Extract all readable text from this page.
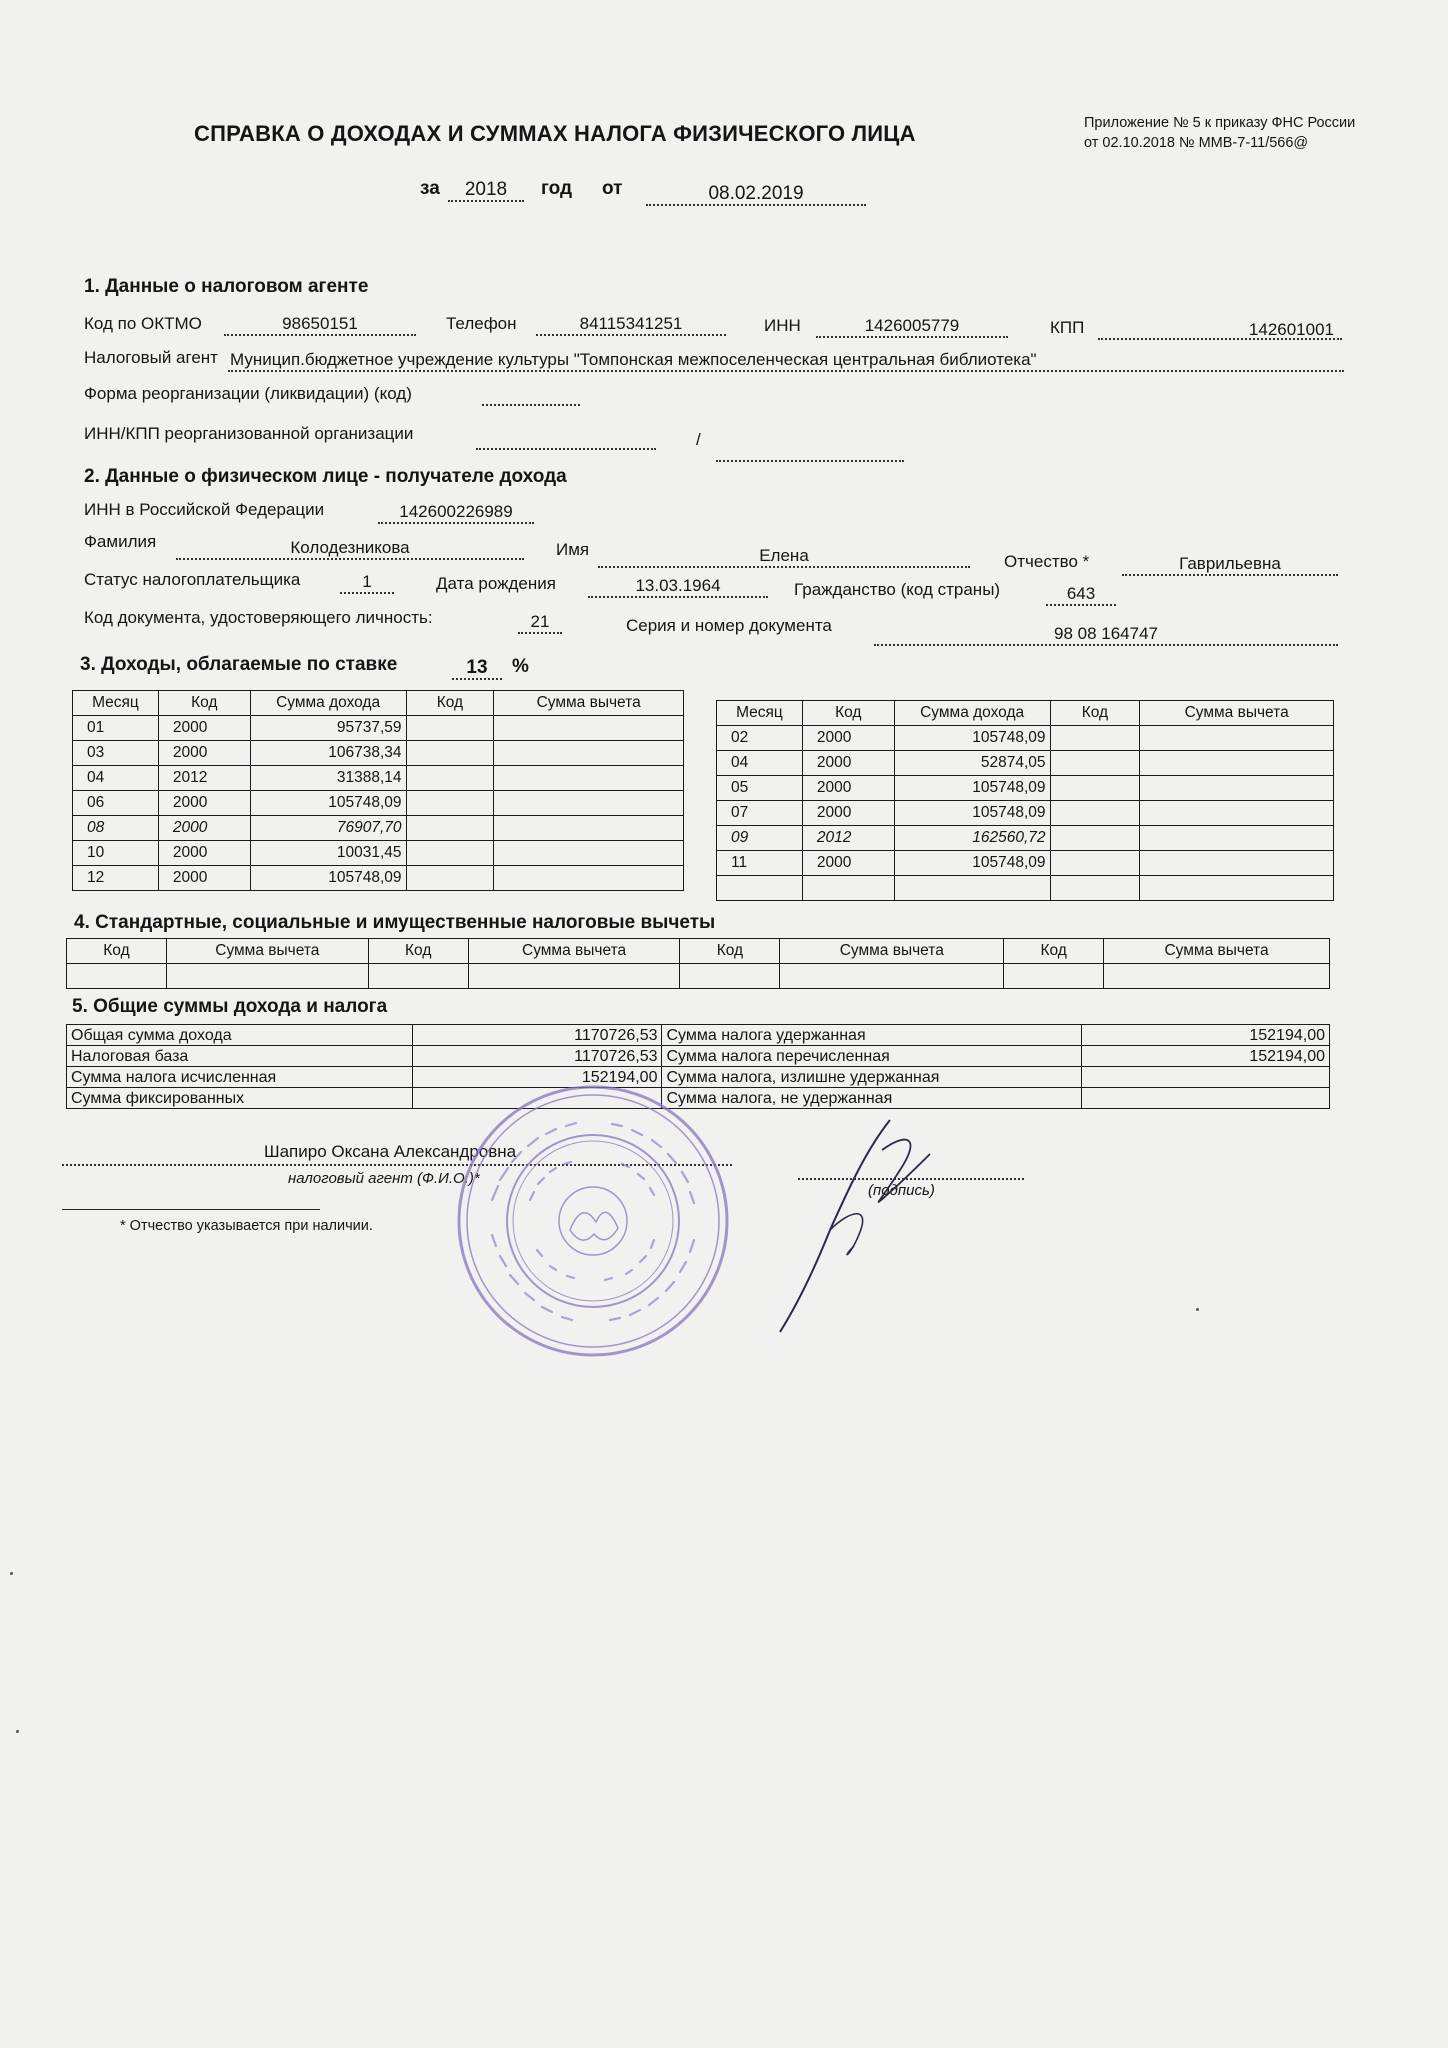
СПРАВКА О ДОХОДАХ И СУММАХ НАЛОГА ФИЗИЧЕСКОГО ЛИЦА	Приложение № 5 к приказу ФНС России от 02.10.2018 № ММВ-7-11/566@
за	2018	год от	08.02.2019
1. Данные о налоговом агенте
Код по ОКТМО	98650151	Телефон	84115341251	ИНН	1426005779	КПП	142601001
Налоговый агент Муницип.бюджетное учреждение культуры "Томпонская межпоселенческая центральная библиотека"
Форма реорганизации (ликвидации) (код)
ИНН/КПП реорганизованной организации	/
2. Данные о физическом лице - получателе дохода
ИНН в Российской Федерации	142600226989
Фамилия	Колодезникова	Имя	Елена	Отчество *	Гаврильевна
Статус налогоплательщика	1	Дата рождения	13.03.1964	Гражданство (код страны)	643
Код документа, удостоверяющего личность:	21	Серия и номер документа	98 08 164747
3. Доходы, облагаемые по ставке	13	%
Месяц	Код	Сумма дохода	Код	Сумма вычета
01	2000	95737,59		
03	2000	106738,34		
04	2012	31388,14		
06	2000	105748,09		
08	2000	76907,70		
10	2000	10031,45		
12	2000	105748,09		
Месяц	Код	Сумма дохода	Код	Сумма вычета
02	2000	105748,09		
04	2000	52874,05		
05	2000	105748,09		
07	2000	105748,09		
09	2012	162560,72		
11	2000	105748,09		

4. Стандартные, социальные и имущественные налоговые вычеты
Код	Сумма вычета	Код	Сумма вычета	Код	Сумма вычета	Код	Сумма вычета

5. Общие суммы дохода и налога
Общая сумма дохода	1170726,53	Сумма налога удержанная	152194,00
Налоговая база	1170726,53	Сумма налога перечисленная	152194,00
Сумма налога исчисленная	152194,00	Сумма налога, излишне удержанная	
Сумма фиксированных		Сумма налога, не удержанная	
Шапиро Оксана Александровна
налоговый агент (Ф.И.О.)*
(подпись)
* Отчество указывается при наличии.
